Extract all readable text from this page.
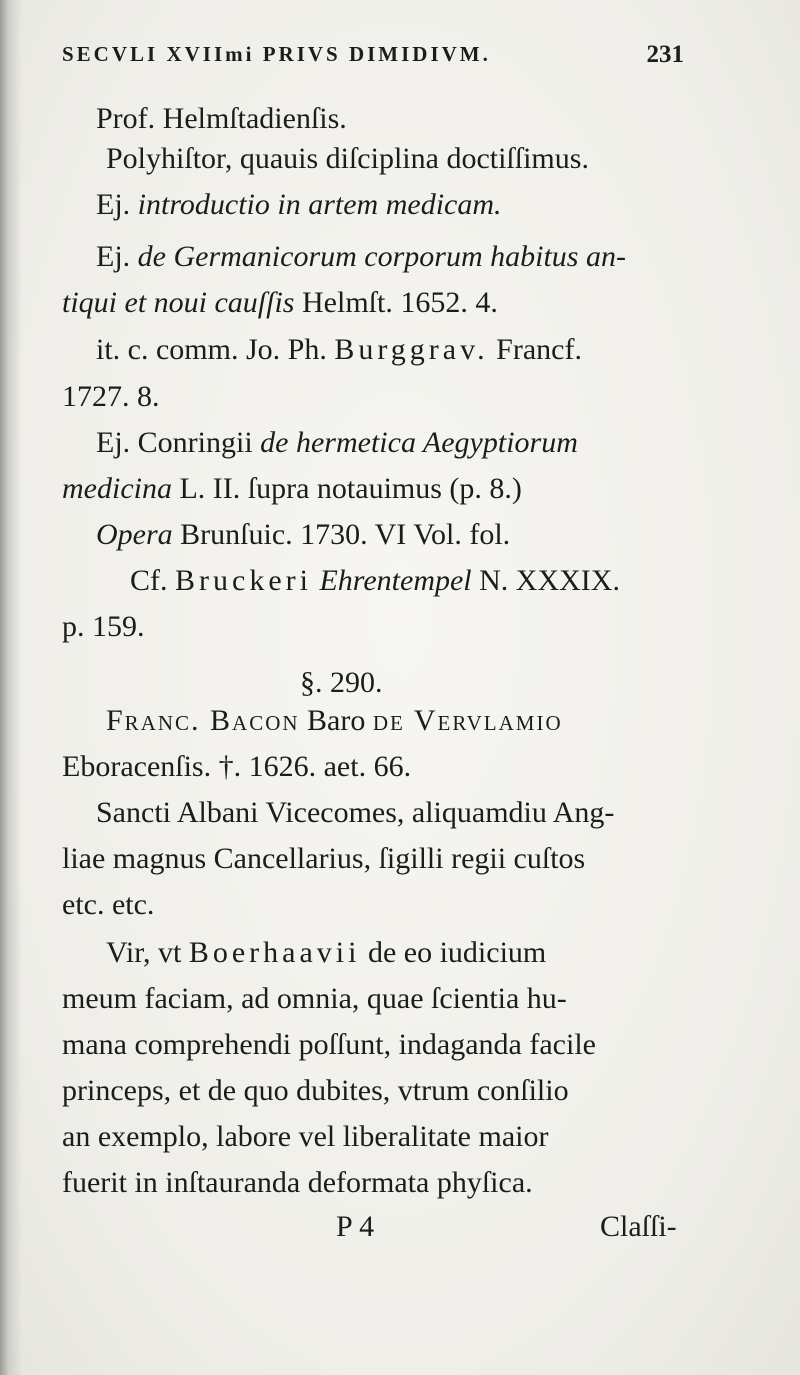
SECVLI XVIImi PRIVS DIMIDIVM.	231
Prof. Helmſtadienſis.
Polyhiſtor, quauis diſciplina doctiſſimus.
Ej. introductio in artem medicam.
Ej. de Germanicorum corporum habitus an-
tiqui et noui cauſſis Helmſt. 1652. 4.
it. c. comm. Jo. Ph. Burggrav. Francf.
1727. 8.
Ej. Conringii de hermetica Aegyptiorum
medicina L. II. ſupra notauimus (p. 8.)
Opera Brunſuic. 1730. VI Vol. fol.
Cf. Bruckeri Ehrentempel N. XXXIX.
p. 159.
§. 290.
Franc. Bacon Baro de Vervlamio
Eboracenſis. †. 1626. aet. 66.
Sancti Albani Vicecomes, aliquamdiu Ang-
liae magnus Cancellarius, ſigilli regii cuſtos
etc. etc.
Vir, vt Boerhaavii de eo iudicium
meum faciam, ad omnia, quae ſcientia hu-
mana comprehendi poſſunt, indaganda facile
princeps, et de quo dubites, vtrum conſilio
an exemplo, labore vel liberalitate maior
fuerit in inſtauranda deformata phyſica.
P 4	Claſſi-
